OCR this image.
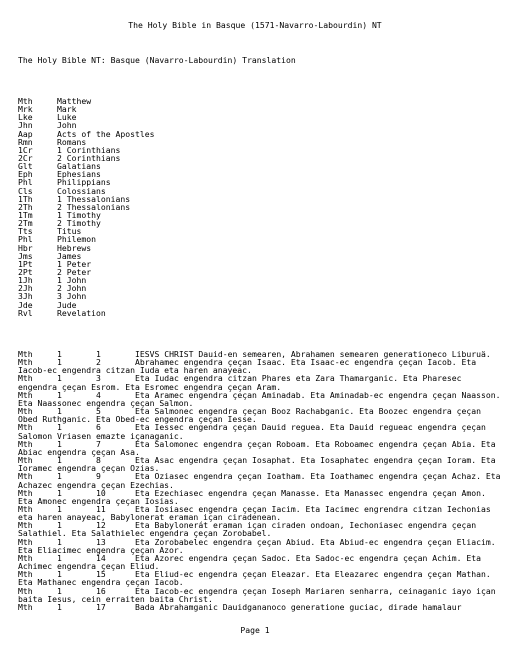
The Holy Bible in Basque (1571-Navarro-Labourdin) NT
The Holy Bible NT: Basque (Navarro-Labourdin) Translation
Mth	Matthew
Mrk	Mark
Lke	Luke
Jhn	John
Aap	Acts of the Apostles
Rmn	Romans
1Cr	1 Corinthians
2Cr	2 Corinthians
Glt	Galatians
Eph	Ephesians
Phl	Philippians
Cls	Colossians
1Th	1 Thessalonians
2Th	2 Thessalonians
1Tm	1 Timothy
2Tm	2 Timothy
Tts	Titus
Phl	Philemon
Hbr	Hebrews
Jms	James
1Pt	1 Peter
2Pt	2 Peter
1Jh	1 John
2Jh	2 John
3Jh	3 John
Jde	Jude
Rvl	Revelation
Mth	1	1	IESVS CHRIST Dauid-en semearen, Abrahamen semearen generationeco Liburuä.
Mth	1	2	Abrahamec engendra çeçan Isaac. Eta Isaac-ec engendra çeçan Iacob. Eta Iacob-ec engendra citzan Iuda eta haren anayeac.
Mth	1	3	Eta Iudac engendra citzan Phares eta Zara Thamarganic. Eta Pharesec engendra çeçan Esrom. Eta Esromec engendra çeçan Aram.
Mth	1	4	Eta Aramec engendra çeçan Aminadab. Eta Aminadab-ec engendra çeçan Naasson. Eta Naassonec engendra çeçan Salmon.
Mth	1	5	Eta Salmonec engendra çeçan Booz Rachabganic. Eta Boozec engendra çeçan Obed Ruthganic. Eta Obed-ec engendra çeçan Iesse.
Mth	1	6	Eta Iessec engendra çeçan Dauid reguea. Eta Dauid regueac engendra çeçan Salomon Vriasen emazte içanaganic.
Mth	1	7	Eta Salomonec engendra çeçan Roboam. Eta Roboamec engendra çeçan Abia. Eta Abiac engendra çeçan Asa.
Mth	1	8	Eta Asac engendra çeçan Iosaphat. Eta Iosaphatec engendra çeçan Ioram. Eta Ioramec engendra çeçan Ozias.
Mth	1	9	Eta Oziasec engendra çeçan Ioatham. Eta Ioathamec engendra çeçan Achaz. Eta Achazec engendra çeçan Ezechias.
Mth	1	10	Eta Ezechiasec engendra çeçan Manasse. Eta Manassec engendra çeçan Amon. Eta Amonec engendra çeçan Iosias.
Mth	1	11	Eta Iosiasec engendra çeçan Iacim. Eta Iacimec engrendra citzan Iechonias eta haren anayeac, Babylonerat eraman içan ciradenean.
Mth	1	12	Eta Babylonerát eraman içan ciraden ondoan, Iechoniasec engendra çeçan Salathiel. Eta Salathielec engendra çeçan Zorobabel.
Mth	1	13	Eta Zorobabelec engendra çeçan Abiud. Eta Abiud-ec engendra çeçan Eliacim. Eta Eliacimec engendra çeçan Azor.
Mth	1	14	Eta Azorec engendra çeçan Sadoc. Eta Sadoc-ec engendra çeçan Achim. Eta Achimec engendra çeçan Eliud.
Mth	1	15	Eta Eliud-ec engendra çeçan Eleazar. Eta Eleazarec engendra çeçan Mathan. Eta Mathanec engendra çeçan Iacob.
Mth	1	16	Eta Iacob-ec engendra çeçan Ioseph Mariaren senharra, ceinaganic iayo içan baita Iesus, cein erraiten baita Christ.
Mth	1	17	Bada Abrahamganic Dauidgananoco generatione guciac, dirade hamalaur
Page 1
